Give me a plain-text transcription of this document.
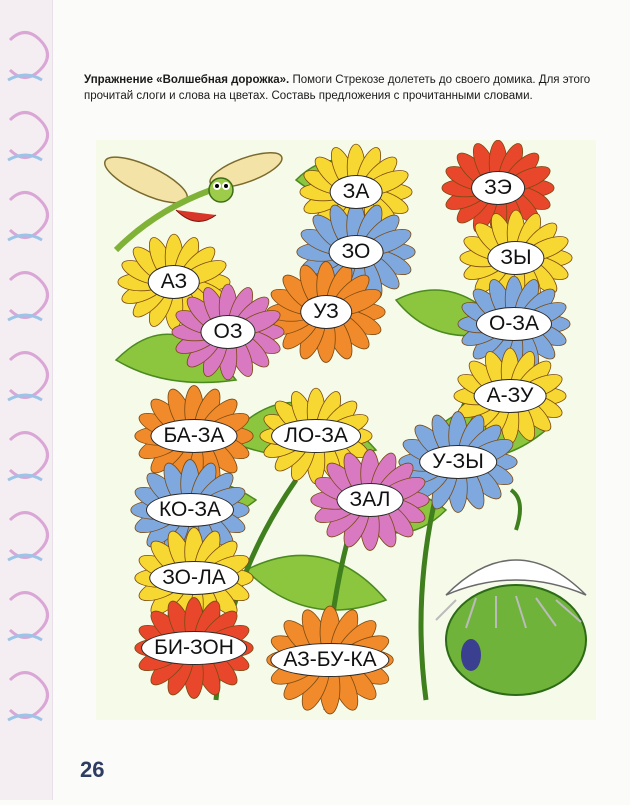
Упражнение «Волшебная дорожка». Помоги Стрекозе долететь до своего домика. Для этого прочитай слоги и слова на цветах. Составь предложения с прочитанными словами.
ЗА	ЗЭ
ЗО	ЗЫ
АЗ
УЗ
ОЗ	О-ЗА
А-ЗУ
БА-ЗА	ЛО-ЗА
У-ЗЫ
КО-ЗА	ЗАЛ
ЗО-ЛА
БИ-ЗОН
АЗ-БУ-КА
26
